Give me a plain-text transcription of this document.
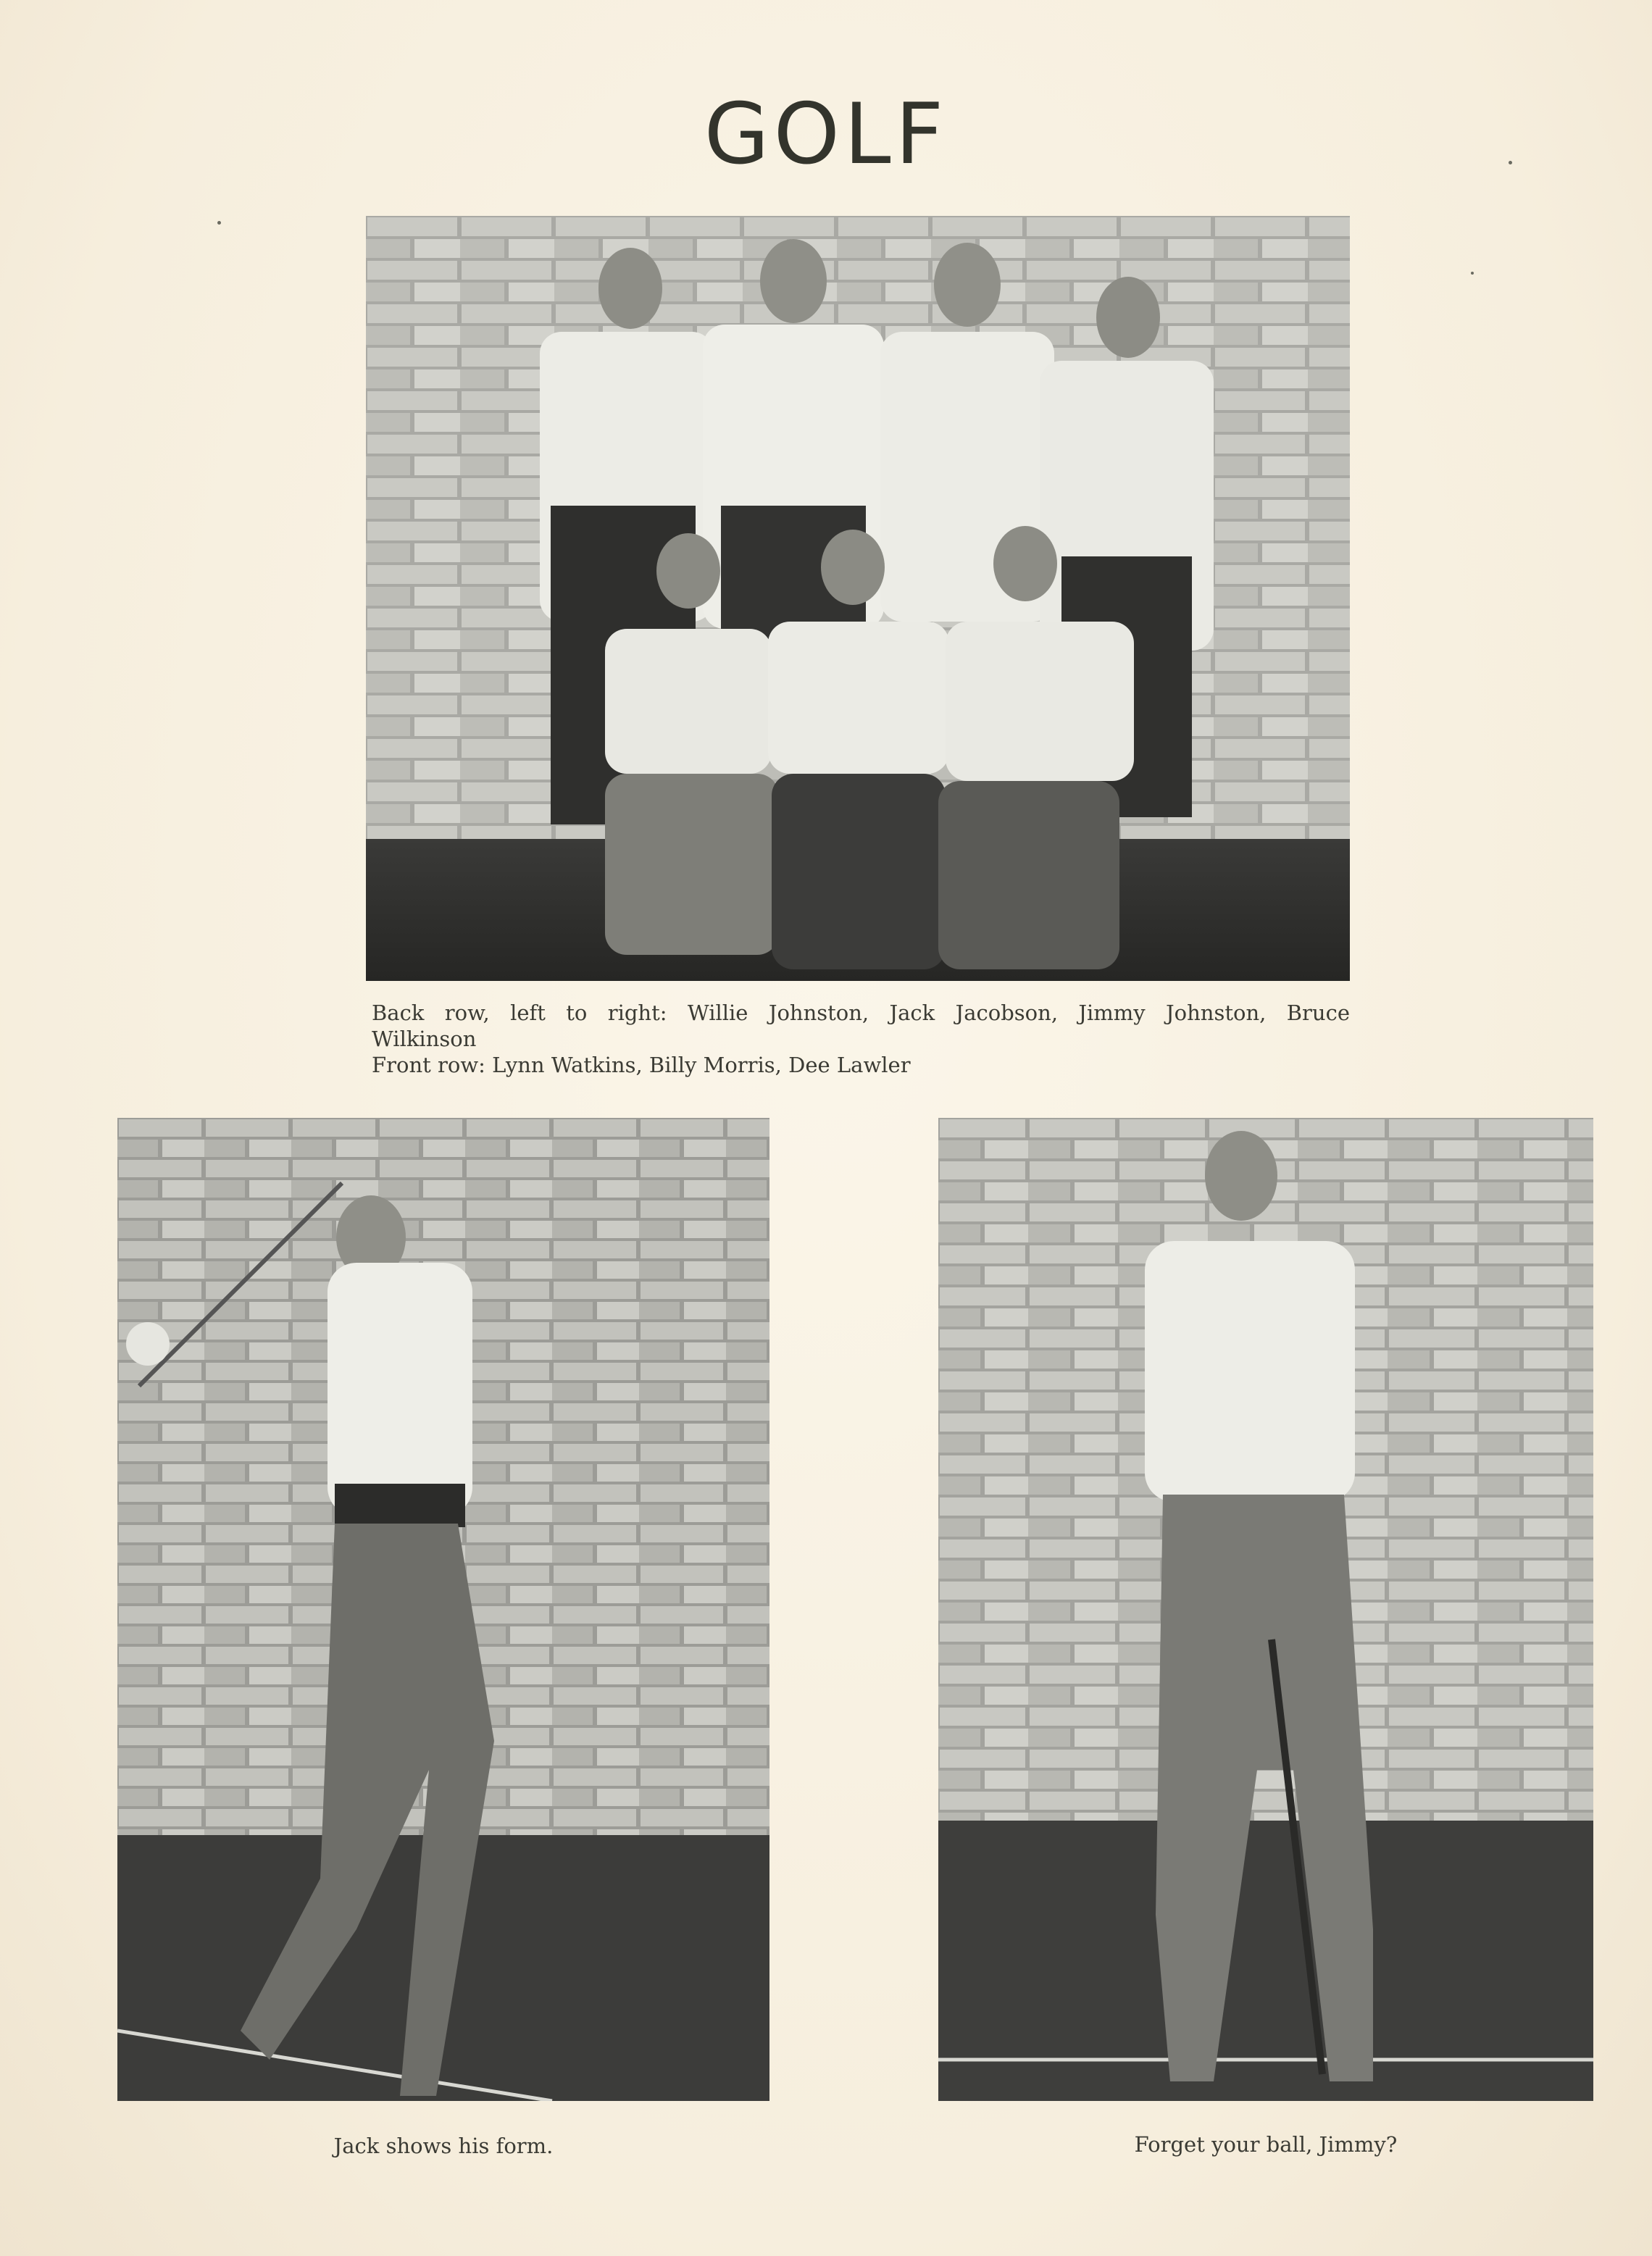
GOLF
Back row, left to right: Willie Johnston, Jack Jacobson, Jimmy Johnston, Bruce
Wilkinson
Front row: Lynn Watkins, Billy Morris, Dee Lawler
Jack shows his form.	Forget your ball, Jimmy?
